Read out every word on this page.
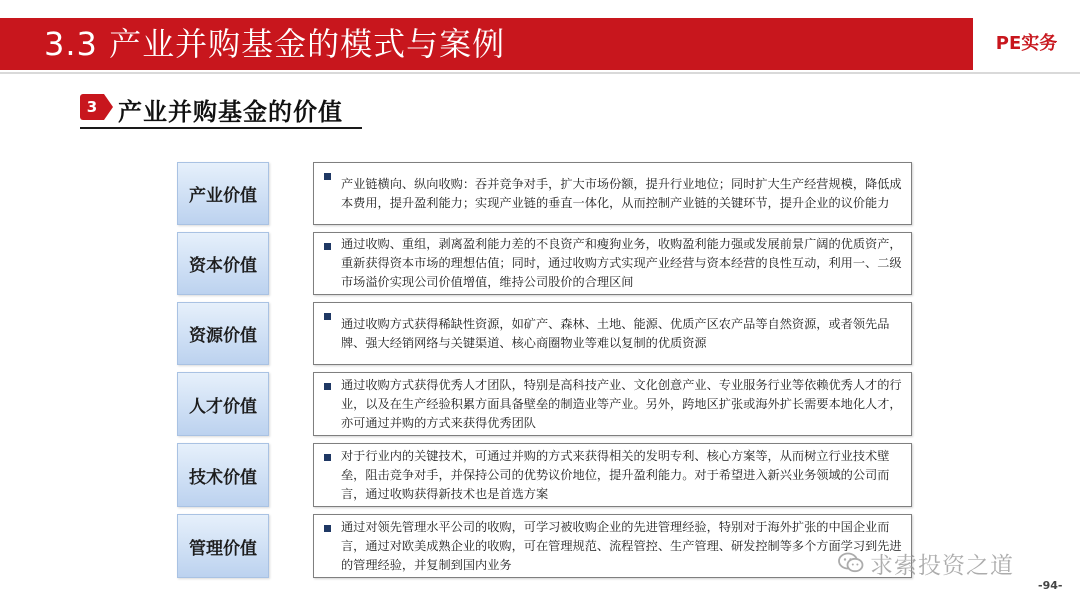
3.3 产业并购基金的模式与案例	PE实务
3 产业并购基金的价值
产业价值
产业链横向、纵向收购：吞并竞争对手，扩大市场份额，提升行业地位；同时扩大生产经营规模，降低成本费用，提升盈利能力；实现产业链的垂直一体化，从而控制产业链的关键环节，提升企业的议价能力
资本价值
通过收购、重组，剥离盈利能力差的不良资产和瘦狗业务，收购盈利能力强或发展前景广阔的优质资产，重新获得资本市场的理想估值；同时，通过收购方式实现产业经营与资本经营的良性互动，利用一、二级市场溢价实现公司价值增值，维持公司股价的合理区间
资源价值
通过收购方式获得稀缺性资源，如矿产、森林、土地、能源、优质产区农产品等自然资源，或者领先品牌、强大经销网络与关键渠道、核心商圈物业等难以复制的优质资源
人才价值
通过收购方式获得优秀人才团队，特别是高科技产业、文化创意产业、专业服务行业等依赖优秀人才的行业，以及在生产经验积累方面具备壁垒的制造业等产业。另外，跨地区扩张或海外扩长需要本地化人才，亦可通过并购的方式来获得优秀团队
技术价值
对于行业内的关键技术，可通过并购的方式来获得相关的发明专利、核心方案等，从而树立行业技术壁垒，阻击竞争对手，并保持公司的优势议价地位，提升盈利能力。对于希望进入新兴业务领域的公司而言，通过收购获得新技术也是首选方案
管理价值
通过对领先管理水平公司的收购，可学习被收购企业的先进管理经验，特别对于海外扩张的中国企业而言，通过对欧美成熟企业的收购，可在管理规范、流程管控、生产管理、研发控制等多个方面学习到先进的管理经验，并复制到国内业务	求索投资之道
-94-
